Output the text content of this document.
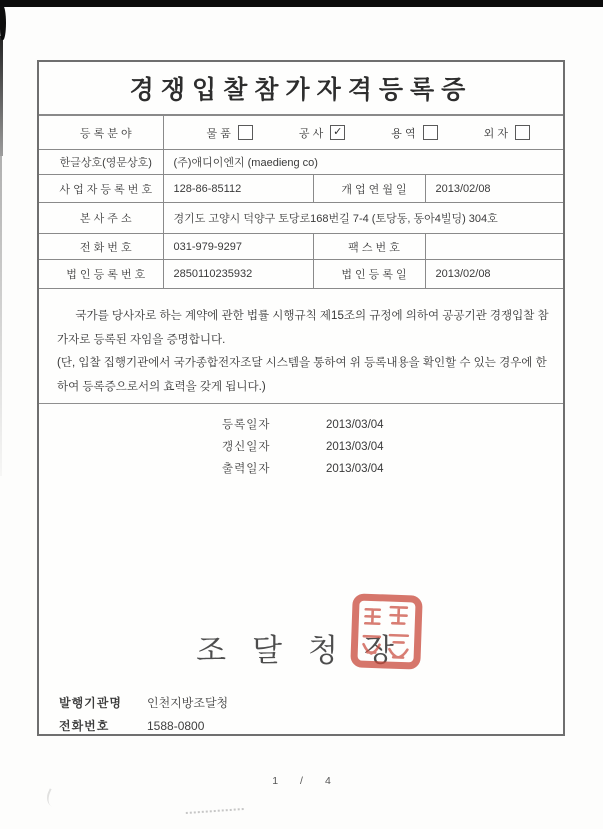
경쟁입찰참가자격등록증
등 록 분 야	물 품 공 사 ✓ 용 역 외 자		

한글상호(영문상호)	(주)애디이엔지 (maedieng co)		
사 업 자 등 록 번 호	128-86-85112	개 업 연 월 일	2013/02/08
본 사 주 소	경기도 고양시 덕양구 토당로168번길 7-4 (토당동, 동아4빌딩) 304호		
전 화 번 호	031-979-9297	팩 스 번 호	
법 인 등 록 번 호	2850110235932	법 인 등 록 일	2013/02/08

국가를 당사자로 하는 계약에 관한 법률 시행규칙 제15조의 규정에 의하여 공공기관 경쟁입찰 참가자로 등록된 자임을 증명합니다.

(단, 입찰 집행기관에서 국가종합전자조달 시스템을 통하여 위 등록내용을 확인할 수 있는 경우에 한하여 등록증으로서의 효력을 갖게 됩니다.)

등록일자	2013/03/04
갱신일자	2013/03/04
출력일자	2013/03/04
조달청장
발행기관명	인천지방조달청
전화번호	1588-0800
1 / 4
